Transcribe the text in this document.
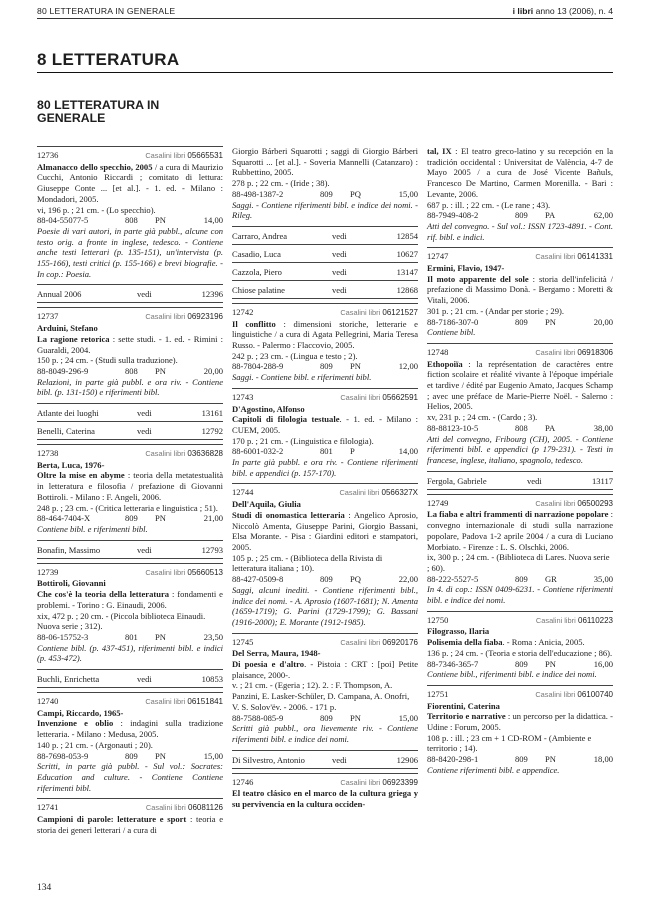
80 LETTERATURA IN GENERALE	i libri anno 13 (2006), n. 4
8 LETTERATURA
80 LETTERATURA IN GENERALE
12736	Casalini libri 05665531
Almanacco dello specchio, 2005 / a cura di Maurizio Cucchi, Antonio Riccardi ; comitato di lettura: Giuseppe Conte ... [et al.]. - 1. ed. - Milano : Mondadori, 2005.
vi, 196 p. ; 21 cm. - (Lo specchio).
88-04-55077-5	808	PN	14,00
Poesie di vari autori, in parte già pubbl., alcune con testo orig. a fronte in inglese, tedesco. - Contiene anche testi letterari (p. 135-151), un'intervista (p. 155-166), testi critici (p. 155-166) e brevi biografie. - In cop.: Poesia.
Annual 2006	vedi	12396
12737	Casalini libri 06923196
Arduini, Stefano
La ragione retorica : sette studi. - 1. ed. - Rimini : Guaraldi, 2004.
150 p. ; 24 cm. - (Studi sulla traduzione).
88-8049-296-9	808	PN	20,00
Relazioni, in parte già pubbl. e ora riv. - Contiene bibl. (p. 131-150) e riferimenti bibl.
Atlante dei luoghi	vedi	13161
Benelli, Caterina	vedi	12792
12738	Casalini libri 03636828
Berta, Luca, 1976-
Oltre la mise en abyme : teoria della metatestualità in letteratura e filosofia / prefazione di Giovanni Bottiroli. - Milano : F. Angeli, 2006.
248 p. ; 23 cm. - (Critica letteraria e linguistica ; 51).
88-464-7404-X	809	PN	21,00
Contiene bibl. e riferimenti bibl.
Bonafin, Massimo	vedi	12793
12739	Casalini libri 05660513
Bottiroli, Giovanni
Che cos'è la teoria della letteratura : fondamenti e problemi. - Torino : G. Einaudi, 2006.
xix, 472 p. ; 20 cm. - (Piccola biblioteca Einaudi. Nuova serie ; 312).
88-06-15752-3	801	PN	23,50
Contiene bibl. (p. 437-451), riferimenti bibl. e indici (p. 453-472).
Buchli, Enrichetta	vedi	10853
12740	Casalini libri 06151841
Campi, Riccardo, 1965-
Invenzione e oblio : indagini sulla tradizione letteraria. - Milano : Medusa, 2005.
140 p. ; 21 cm. - (Argonauti ; 20).
88-7698-053-9	809	PN	15,00
Scritti, in parte già pubbl. - Sul vol.: Socrates: Education and culture. - Contiene Contiene riferimenti bibl.
12741	Casalini libri 06081126
Campioni di parole: letterature e sport : teoria e storia dei generi letterari / a cura di
Giorgio Bárberi Squarotti ; saggi di Giorgio Bárberi Squarotti ... [et al.]. - Soveria Mannelli (Catanzaro) : Rubbettino, 2005.
278 p. ; 22 cm. - (Iride ; 38).
88-498-1387-2	809	PQ	15,00
Saggi. - Contiene riferimenti bibl. e indice dei nomi. - Rileg.
Carraro, Andrea	vedi	12854
Casadio, Luca	vedi	10627
Cazzola, Piero	vedi	13147
Chiose palatine	vedi	12868
12742	Casalini libri 06121527
Il conflitto : dimensioni storiche, letterarie e linguistiche / a cura di Agata Pellegrini, Maria Teresa Russo. - Palermo : Flaccovio, 2005.
242 p. ; 23 cm. - (Lingua e testo ; 2).
88-7804-288-9	809	PN	12,00
Saggi. - Contiene bibl. e riferimenti bibl.
12743	Casalini libri 05662591
D'Agostino, Alfonso
Capitoli di filologia testuale. - 1. ed. - Milano : CUEM, 2005.
170 p. ; 21 cm. - (Linguistica e filologia).
88-6001-032-2	801	P	14,00
In parte già pubbl. e ora riv. - Contiene riferimenti bibl. e appendici (p. 157-170).
12744	Casalini libri 0566327X
Dell'Aquila, Giulia
Studi di onomastica letteraria : Angelico Aprosio, Niccolò Amenta, Giuseppe Parini, Giorgio Bassani, Elsa Morante. - Pisa : Giardini editori e stampatori, 2005.
105 p. ; 25 cm. - (Biblioteca della Rivista di letteratura italiana ; 10).
88-427-0509-8	809	PQ	22,00
Saggi, alcuni inediti. - Contiene riferimenti bibl., indice dei nomi. - A. Aprosio (1607-1681); N. Amenta (1659-1719); G. Parini (1729-1799); G. Bassani (1916-2000); E. Morante (1912-1985).
12745	Casalini libri 06920176
Del Serra, Maura, 1948-
Di poesia e d'altro. - Pistoia : CRT : [poi] Petite plaisance, 2000-.
v. ; 21 cm. - (Egeria ; 12). 2. : F. Thompson, A. Panzini, E. Lasker-Schüler, D. Campana, A. Onofri, V. S. Solov'ëv. - 2006. - 171 p.
88-7588-085-9	809	PN	15,00
Scritti già pubbl., ora lievemente riv. - Contiene riferimenti bibl. e indice dei nomi.
Di Silvestro, Antonio	vedi	12906
12746	Casalini libri 06923399
El teatro clásico en el marco de la cultura griega y su pervivencia en la cultura occiden-
tal, IX : El teatro greco-latino y su recepción en la tradición occidental : Universitat de València, 4-7 de Mayo 2005 / a cura de José Vicente Bañuls, Francesco De Martino, Carmen Morenilla. - Bari : Levante, 2006.
687 p. : ill. ; 22 cm. - (Le rane ; 43).
88-7949-408-2	809	PA	62,00
Atti del convegno. - Sul vol.: ISSN 1723-4891. - Cont. rif. bibl. e indici.
12747	Casalini libri 06141331
Ermini, Flavio, 1947-
Il moto apparente del sole : storia dell'infelicità / prefazione di Massimo Donà. - Bergamo : Moretti & Vitali, 2006.
301 p. ; 21 cm. - (Andar per storie ; 29).
88-7186-307-0	809	PN	20,00
Contiene bibl.
12748	Casalini libri 06918306
Ethopoiïa : la représentation de caractères entre fiction scolaire et réalité vivante à l'époque impériale et tardive / édité par Eugenio Amato, Jacques Schamp ; avec une préface de Marie-Pierre Noël. - Salerno : Helios, 2005.
xv, 231 p. ; 24 cm. - (Cardo ; 3).
88-88123-10-5	808	PA	38,00
Atti del convegno, Fribourg (CH), 2005. - Contiene riferimenti bibl. e appendici (p 179-231). - Testi in francese, inglese, italiano, spagnolo, tedesco.
Fergola, Gabriele	vedi	13117
12749	Casalini libri 06500293
La fiaba e altri frammenti di narrazione popolare : convegno internazionale di studi sulla narrazione popolare, Padova 1-2 aprile 2004 / a cura di Luciano Morbiato. - Firenze : L. S. Olschki, 2006.
ix, 300 p. ; 24 cm. - (Biblioteca di Lares. Nuova serie ; 60).
88-222-5527-5	809	GR	35,00
In 4. di cop.: ISSN 0409-6231. - Contiene riferimenti bibl. e indice dei nomi.
12750	Casalini libri 06110223
Filograsso, Ilaria
Polisemia della fiaba. - Roma : Anicia, 2005.
136 p. ; 24 cm. - (Teoria e storia dell'educazione ; 86).
88-7346-365-7	809	PN	16,00
Contiene bibl., riferimenti bibl. e indice dei nomi.
12751	Casalini libri 06100740
Fiorentini, Caterina
Territorio e narrative : un percorso per la didattica. - Udine : Forum, 2005.
108 p. : ill. ; 23 cm + 1 CD-ROM - (Ambiente e territorio ; 14).
88-8420-298-1	809	PN	18,00
Contiene riferimenti bibl. e appendice.
134
